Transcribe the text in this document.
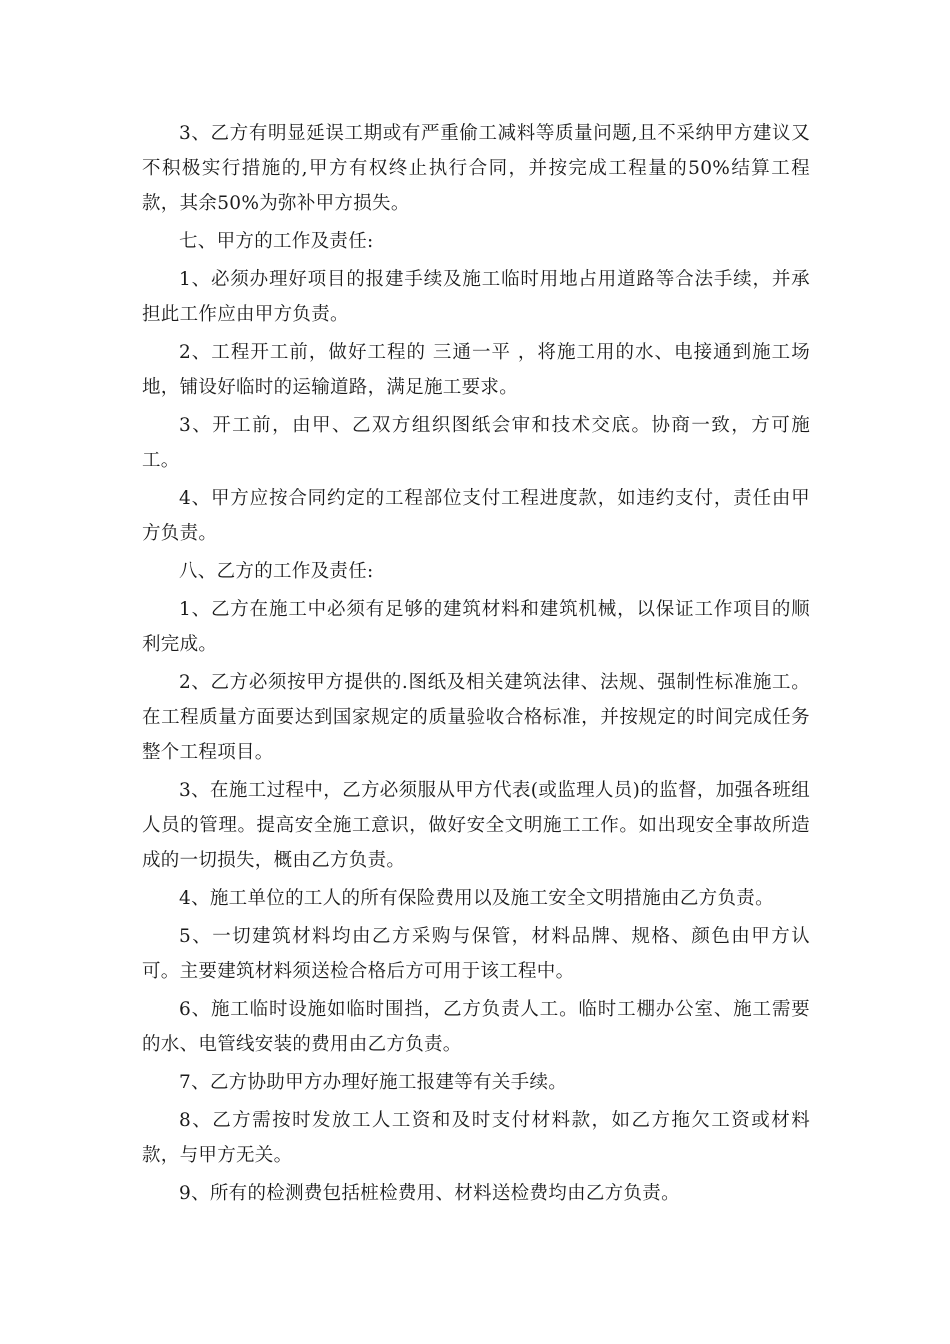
3、乙方有明显延误工期或有严重偷工减料等质量问题,且不采纳甲方建议又不积极实行措施的,甲方有权终止执行合同，并按完成工程量的50%结算工程款，其余50%为弥补甲方损失。

七、甲方的工作及责任:

1、必须办理好项目的报建手续及施工临时用地占用道路等合法手续，并承担此工作应由甲方负责。

2、工程开工前，做好工程的 三通一平 ，将施工用的水、电接通到施工场地，铺设好临时的运输道路，满足施工要求。

3、开工前，由甲、乙双方组织图纸会审和技术交底。协商一致，方可施工。

4、甲方应按合同约定的工程部位支付工程进度款，如违约支付，责任由甲方负责。

八、乙方的工作及责任:

1、乙方在施工中必须有足够的建筑材料和建筑机械，以保证工作项目的顺利完成。

2、乙方必须按甲方提供的.图纸及相关建筑法律、法规、强制性标准施工。在工程质量方面要达到国家规定的质量验收合格标准，并按规定的时间完成任务整个工程项目。

3、在施工过程中，乙方必须服从甲方代表(或监理人员)的监督，加强各班组人员的管理。提高安全施工意识，做好安全文明施工工作。如出现安全事故所造成的一切损失，概由乙方负责。

4、施工单位的工人的所有保险费用以及施工安全文明措施由乙方负责。

5、一切建筑材料均由乙方采购与保管，材料品牌、规格、颜色由甲方认可。主要建筑材料须送检合格后方可用于该工程中。

6、施工临时设施如临时围挡，乙方负责人工。临时工棚办公室、施工需要的水、电管线安装的费用由乙方负责。

7、乙方协助甲方办理好施工报建等有关手续。

8、乙方需按时发放工人工资和及时支付材料款，如乙方拖欠工资或材料款，与甲方无关。

9、所有的检测费包括桩检费用、材料送检费均由乙方负责。
